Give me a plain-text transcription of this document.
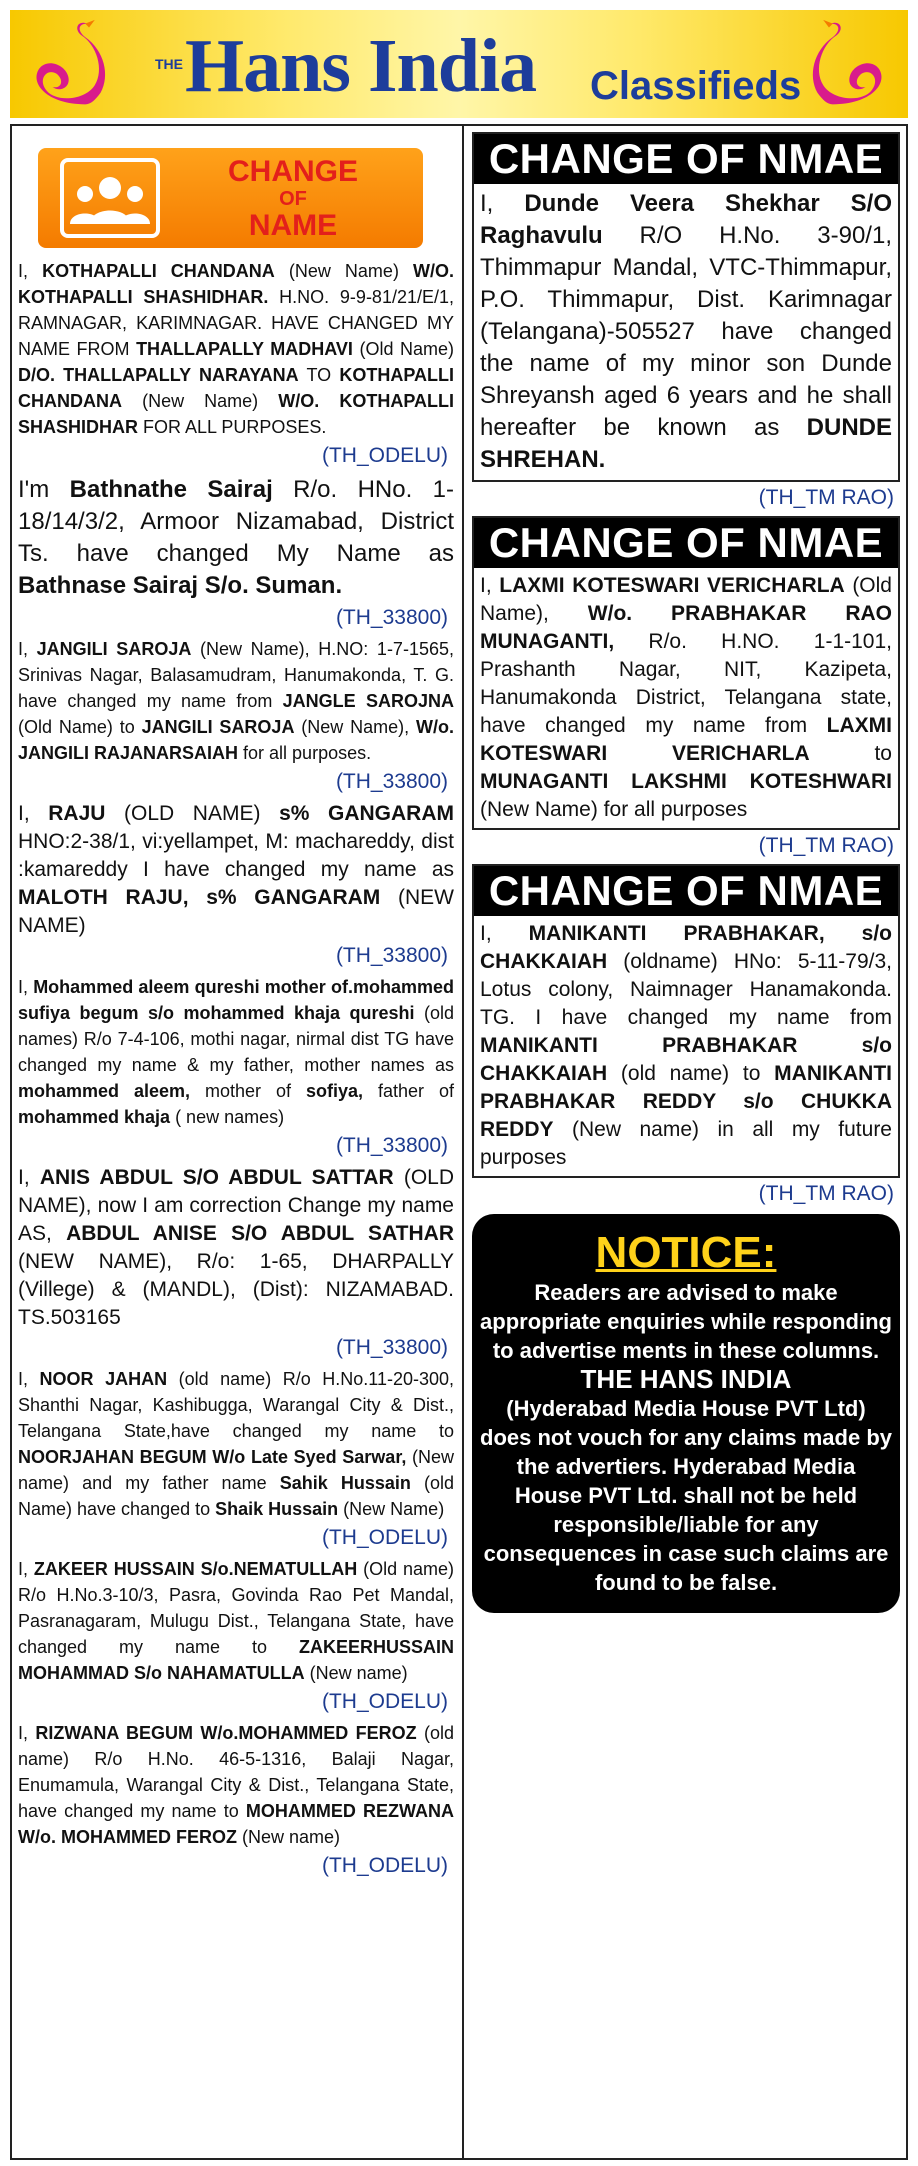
THE Hans India Classifieds
CHANGE
OF
NAME

I, KOTHAPALLI CHANDANA (New Name) W/O. KOTHAPALLI SHASHIDHAR. H.NO. 9-9-81/21/E/1, RAMNAGAR, KARIMNAGAR. HAVE CHANGED MY NAME FROM THALLAPALLY MADHAVI (Old Name) D/O. THALLAPALLY NARAYANA TO KOTHAPALLI CHANDANA (New Name) W/O. KOTHAPALLI SHASHIDHAR FOR ALL PURPOSES.

(TH_ODELU)

I'm Bathnathe Sairaj R/o. HNo. 1-18/14/3/2, Armoor Nizamabad, District Ts. have changed My Name as Bathnase Sairaj S/o. Suman.

(TH_33800)

I, JANGILI SAROJA (New Name), H.NO: 1-7-1565, Srinivas Nagar, Balasamudram, Hanumakonda, T. G. have changed my name from JANGLE SAROJNA (Old Name) to JANGILI SAROJA (New Name), W/o. JANGILI RAJANARSAIAH for all purposes.

(TH_33800)

I, RAJU (OLD NAME) s% GANGARAM HNO:2-38/1, vi:yellampet, M: machareddy, dist :kamareddy I have changed my name as MALOTH RAJU, s% GANGARAM (NEW NAME)

(TH_33800)

I, Mohammed aleem qureshi mother of.mohammed sufiya begum s/o mohammed khaja qureshi (old names) R/o 7-4-106, mothi nagar, nirmal dist TG have changed my name & my father, mother names as mohammed aleem, mother of sofiya, father of mohammed khaja ( new names)

(TH_33800)

I, ANIS ABDUL S/O ABDUL SATTAR (OLD NAME), now I am correction Change my name AS, ABDUL ANISE S/O ABDUL SATHAR (NEW NAME), R/o: 1-65, DHARPALLY (Villege) & (MANDL), (Dist): NIZAMABAD. TS.503165

(TH_33800)

I, NOOR JAHAN (old name) R/o H.No.11-20-300, Shanthi Nagar, Kashibugga, Warangal City & Dist., Telangana State,have changed my name to NOORJAHAN BEGUM W/o Late Syed Sarwar, (New name) and my father name Sahik Hussain (old Name) have changed to Shaik Hussain (New Name)

(TH_ODELU)

I, ZAKEER HUSSAIN S/o.NEMATULLAH (Old name) R/o H.No.3-10/3, Pasra, Govinda Rao Pet Mandal, Pasranagaram, Mulugu Dist., Telangana State, have changed my name to ZAKEERHUSSAIN MOHAMMAD S/o NAHAMATULLA (New name)

(TH_ODELU)

I, RIZWANA BEGUM W/o.MOHAMMED FEROZ (old name) R/o H.No. 46-5-1316, Balaji Nagar, Enumamula, Warangal City & Dist., Telangana State, have changed my name to MOHAMMED REZWANA W/o. MOHAMMED FEROZ (New name)

(TH_ODELU)
CHANGE OF NMAE

I, Dunde Veera Shekhar S/O Raghavulu R/O H.No. 3-90/1, Thimmapur Mandal, VTC-Thimmapur, P.O. Thimmapur, Dist. Karimnagar (Telangana)-505527 have changed the name of my minor son Dunde Shreyansh aged 6 years and he shall hereafter be known as DUNDE SHREHAN.

(TH_TM RAO)
CHANGE OF NMAE

I, LAXMI KOTESWARI VERICHARLA (Old Name), W/o. PRABHAKAR RAO MUNAGANTI, R/o. H.NO. 1-1-101, Prashanth Nagar, NIT, Kazipeta, Hanumakonda District, Telangana state, have changed my name from LAXMI KOTESWARI VERICHARLA to MUNAGANTI LAKSHMI KOTESHWARI (New Name) for all purposes

(TH_TM RAO)
CHANGE OF NMAE

I, MANIKANTI PRABHAKAR, s/o CHAKKAIAH (oldname) HNo: 5-11-79/3, Lotus colony, Naimnager Hanamakonda. TG. I have changed my name from MANIKANTI PRABHAKAR s/o CHAKKAIAH (old name) to MANIKANTI PRABHAKAR REDDY s/o CHUKKA REDDY (New name) in all my future purposes

(TH_TM RAO)
NOTICE:
Readers are advised to make appropriate enquiries while responding to advertise ments in these columns.
THE HANS INDIA
(Hyderabad Media House PVT Ltd) does not vouch for any claims made by the advertiers. Hyderabad Media House PVT Ltd. shall not be held responsible/liable for any consequences in case such claims are found to be false.
